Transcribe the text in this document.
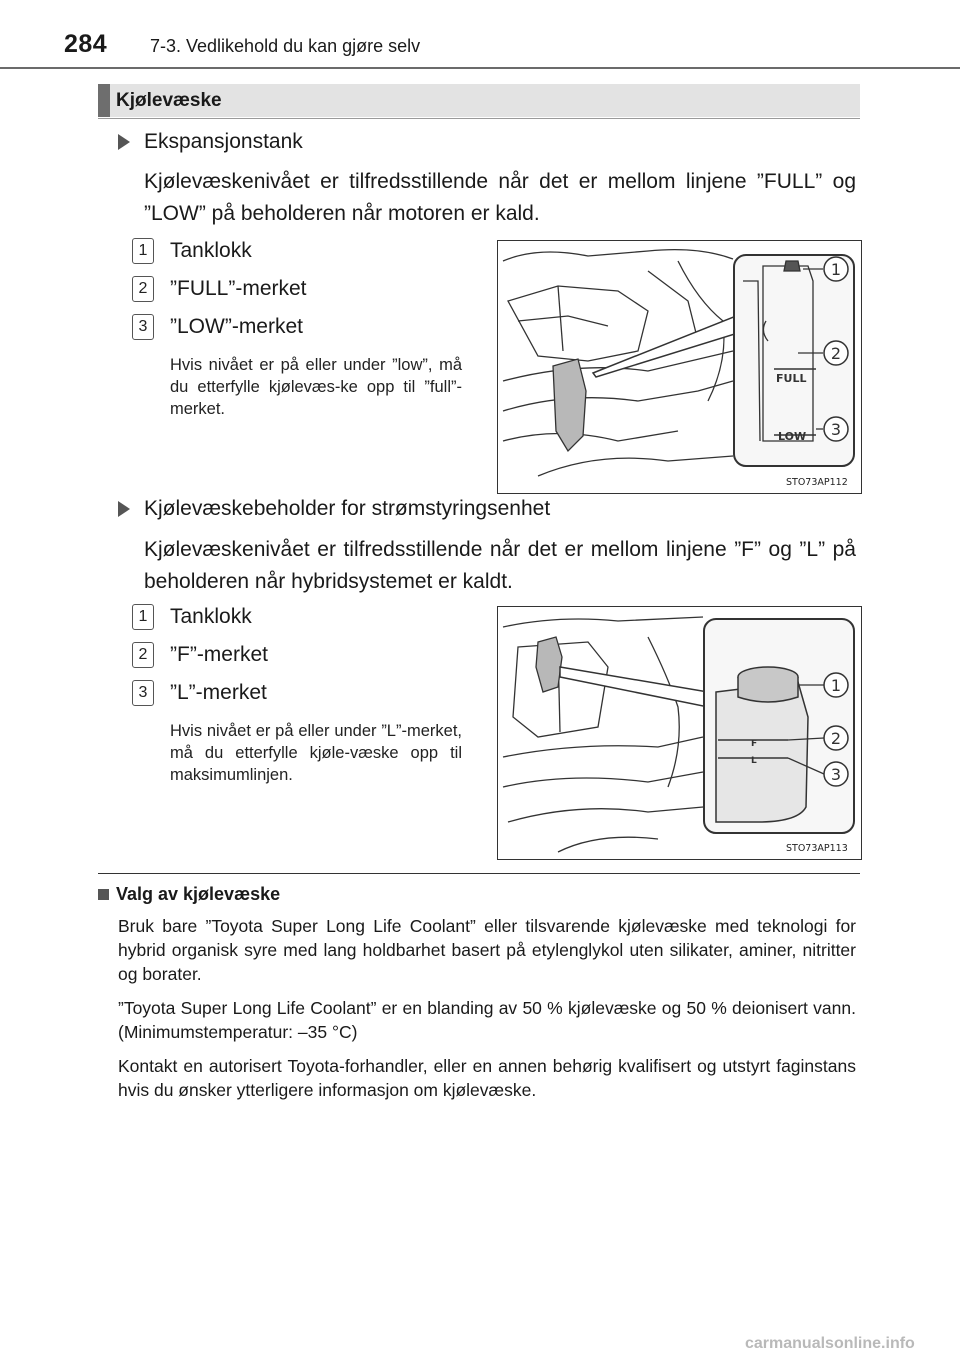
284 7-3. Vedlikehold du kan gjøre selv
Kjølevæske
Ekspansjonstank
Kjølevæskenivået er tilfredsstillende når det er mellom linjene ”FULL” og ”LOW” på beholderen når motoren er kald.
1	Tanklokk
2	”FULL”-merket
3	”LOW”-merket
Hvis nivået er på eller under ”low”, må du etterfylle kjølevæs-ke opp til ”full”-merket.
FULL
LOW
1
2
3
STO73AP112
Kjølevæskebeholder for strømstyringsenhet
Kjølevæskenivået er tilfredsstillende når det er mellom linjene ”F” og ”L” på beholderen når hybridsystemet er kaldt.
1	Tanklokk
2	”F”-merket
3	”L”-merket
Hvis nivået er på eller under ”L”-merket, må du etterfylle kjøle-væske opp til maksimumlinjen.
F
L
1
2
3
STO73AP113
Valg av kjølevæske
Bruk bare ”Toyota Super Long Life Coolant” eller tilsvarende kjølevæske med teknologi for hybrid organisk syre med lang holdbarhet basert på etylenglykol uten silikater, aminer, nitritter og borater.
”Toyota Super Long Life Coolant” er en blanding av 50 % kjølevæske og 50 % deionisert vann. (Minimumstemperatur: –35 °C)
Kontakt en autorisert Toyota-forhandler, eller en annen behørig kvalifisert og utstyrt faginstans hvis du ønsker ytterligere informasjon om kjølevæske.
carmanualsonline.info
